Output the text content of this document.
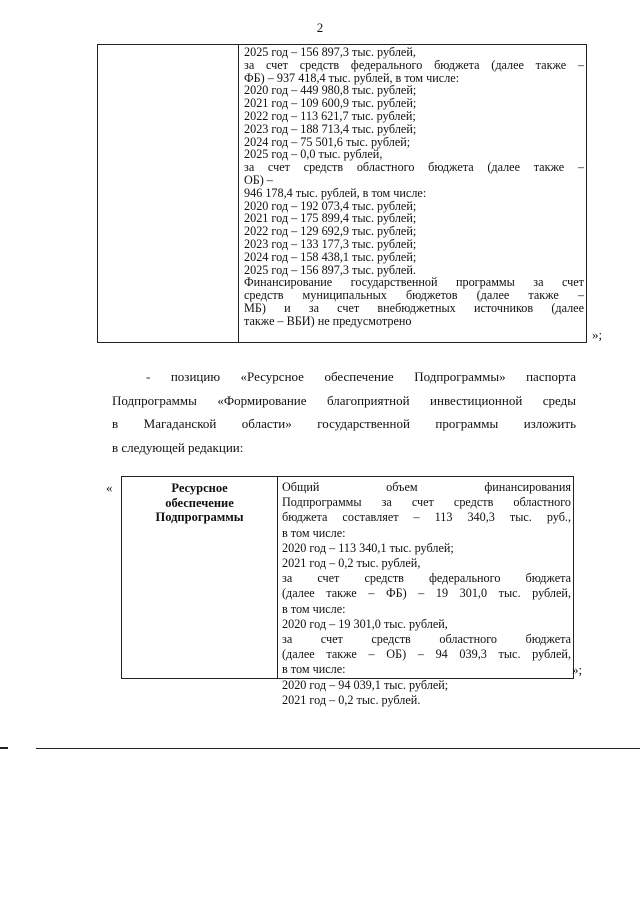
2
2025 год – 156 897,3 тыс. рублей,
за счет средств федерального бюджета (далее также –
ФБ) – 937 418,4 тыс. рублей, в том числе:
2020 год – 449 980,8 тыс. рублей;
2021 год – 109 600,9 тыс. рублей;
2022 год – 113 621,7 тыс. рублей;
2023 год – 188 713,4 тыс. рублей;
2024 год – 75 501,6 тыс. рублей;
2025 год – 0,0 тыс. рублей,
за счет средств областного бюджета (далее также –
ОБ) –
946 178,4 тыс. рублей, в том числе:
2020 год – 192 073,4 тыс. рублей;
2021 год – 175 899,4 тыс. рублей;
2022 год – 129 692,9 тыс. рублей;
2023 год – 133 177,3 тыс. рублей;
2024 год – 158 438,1 тыс. рублей;
2025 год – 156 897,3 тыс. рублей.
Финансирование государственной программы за счет
средств муниципальных бюджетов (далее также –
МБ) и за счет внебюджетных источников (далее
также – ВБИ) не предусмотрено
»;
- позицию «Ресурсное обеспечение Подпрограммы» паспорта
Подпрограммы «Формирование благоприятной инвестиционной среды
в Магаданской области» государственной программы изложить
в следующей редакции:
«	Ресурсное
обеспечение
Подпрограммы
Общий объем финансирования
Подпрограммы за счет средств областного
бюджета составляет – 113 340,3 тыс. руб.,
в том числе:
2020 год – 113 340,1 тыс. рублей;
2021 год – 0,2 тыс. рублей,
за счет средств федерального бюджета
(далее также – ФБ) – 19 301,0 тыс. рублей,
в том числе:
2020 год – 19 301,0 тыс. рублей,
за счет средств областного бюджета
(далее также – ОБ) – 94 039,3 тыс. рублей,
в том числе:
2020 год – 94 039,1 тыс. рублей;
2021 год – 0,2 тыс. рублей.
»;
